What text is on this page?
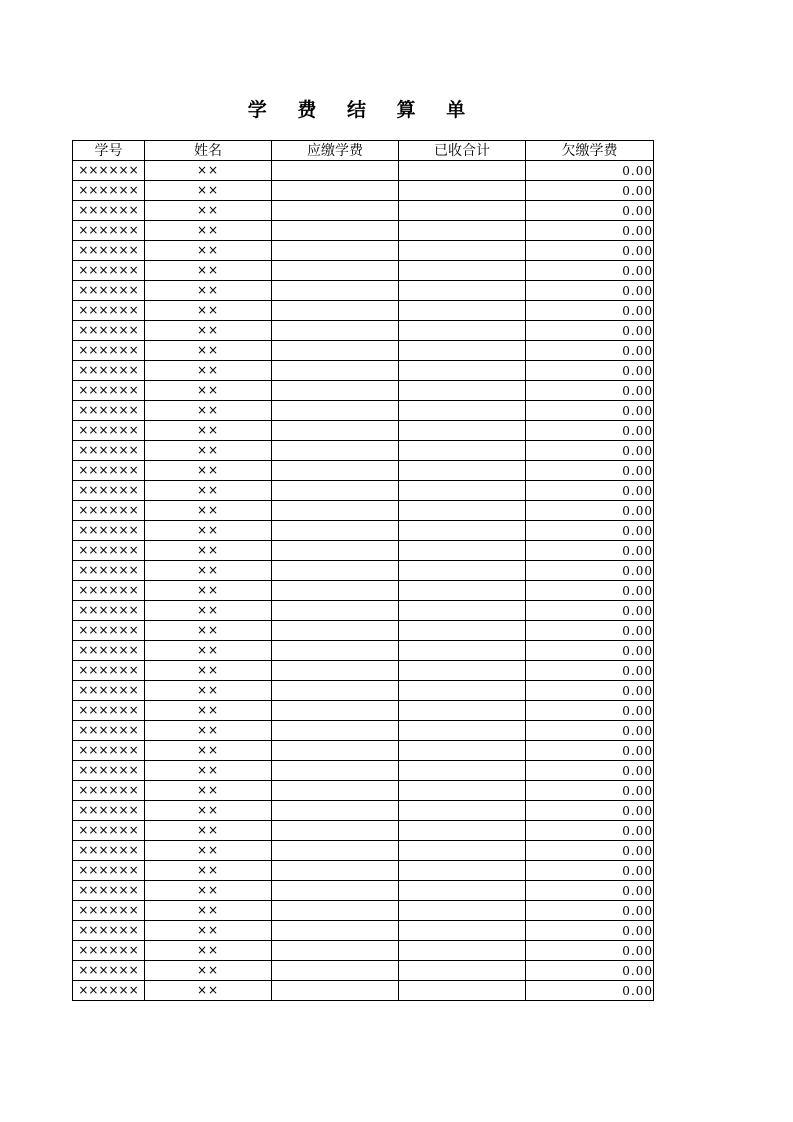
学 费 结 算 单
学号	姓名	应缴学费	已收合计	欠缴学费
××××××	××			0.00
××××××	××			0.00
××××××	××			0.00
××××××	××			0.00
××××××	××			0.00
××××××	××			0.00
××××××	××			0.00
××××××	××			0.00
××××××	××			0.00
××××××	××			0.00
××××××	××			0.00
××××××	××			0.00
××××××	××			0.00
××××××	××			0.00
××××××	××			0.00
××××××	××			0.00
××××××	××			0.00
××××××	××			0.00
××××××	××			0.00
××××××	××			0.00
××××××	××			0.00
××××××	××			0.00
××××××	××			0.00
××××××	××			0.00
××××××	××			0.00
××××××	××			0.00
××××××	××			0.00
××××××	××			0.00
××××××	××			0.00
××××××	××			0.00
××××××	××			0.00
××××××	××			0.00
××××××	××			0.00
××××××	××			0.00
××××××	××			0.00
××××××	××			0.00
××××××	××			0.00
××××××	××			0.00
××××××	××			0.00
××××××	××			0.00
××××××	××			0.00
××××××	××			0.00
